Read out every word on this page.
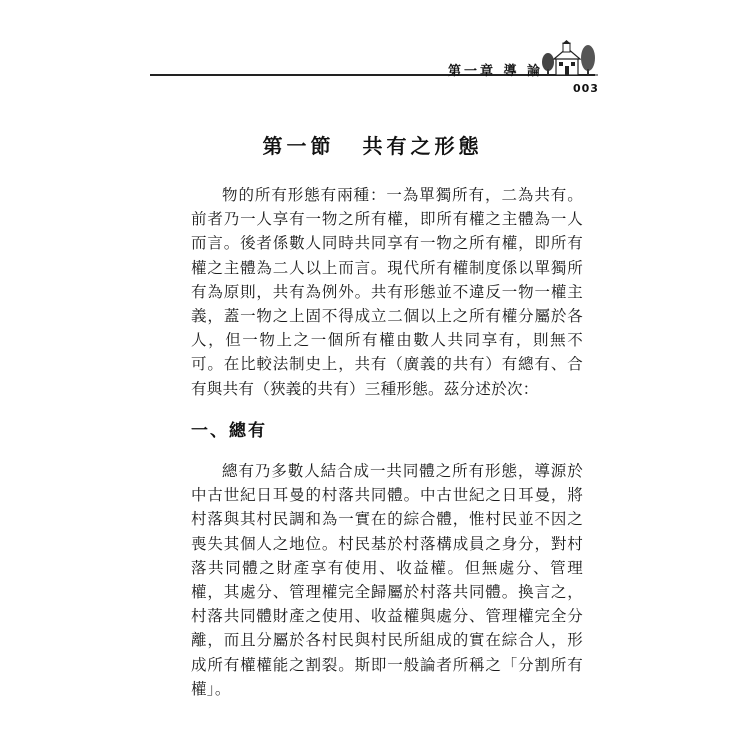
第一章 導 論
003
第一節 共有之形態

物的所有形態有兩種：一為單獨所有，二為共有。前者乃一人享有一物之所有權，即所有權之主體為一人而言。後者係數人同時共同享有一物之所有權，即所有權之主體為二人以上而言。現代所有權制度係以單獨所有為原則，共有為例外。共有形態並不違反一物一權主義，蓋一物之上固不得成立二個以上之所有權分屬於各人，但一物上之一個所有權由數人共同享有，則無不可。在比較法制史上，共有（廣義的共有）有總有、合有與共有（狹義的共有）三種形態。茲分述於次：

一、總有

總有乃多數人結合成一共同體之所有形態，導源於中古世紀日耳曼的村落共同體。中古世紀之日耳曼，將村落與其村民調和為一實在的綜合體，惟村民並不因之喪失其個人之地位。村民基於村落構成員之身分，對村落共同體之財產享有使用、收益權。但無處分、管理權，其處分、管理權完全歸屬於村落共同體。換言之，村落共同體財產之使用、收益權與處分、管理權完全分離，而且分屬於各村民與村民所組成的實在綜合人，形成所有權權能之割裂。斯即一般論者所稱之「分割所有權」。
